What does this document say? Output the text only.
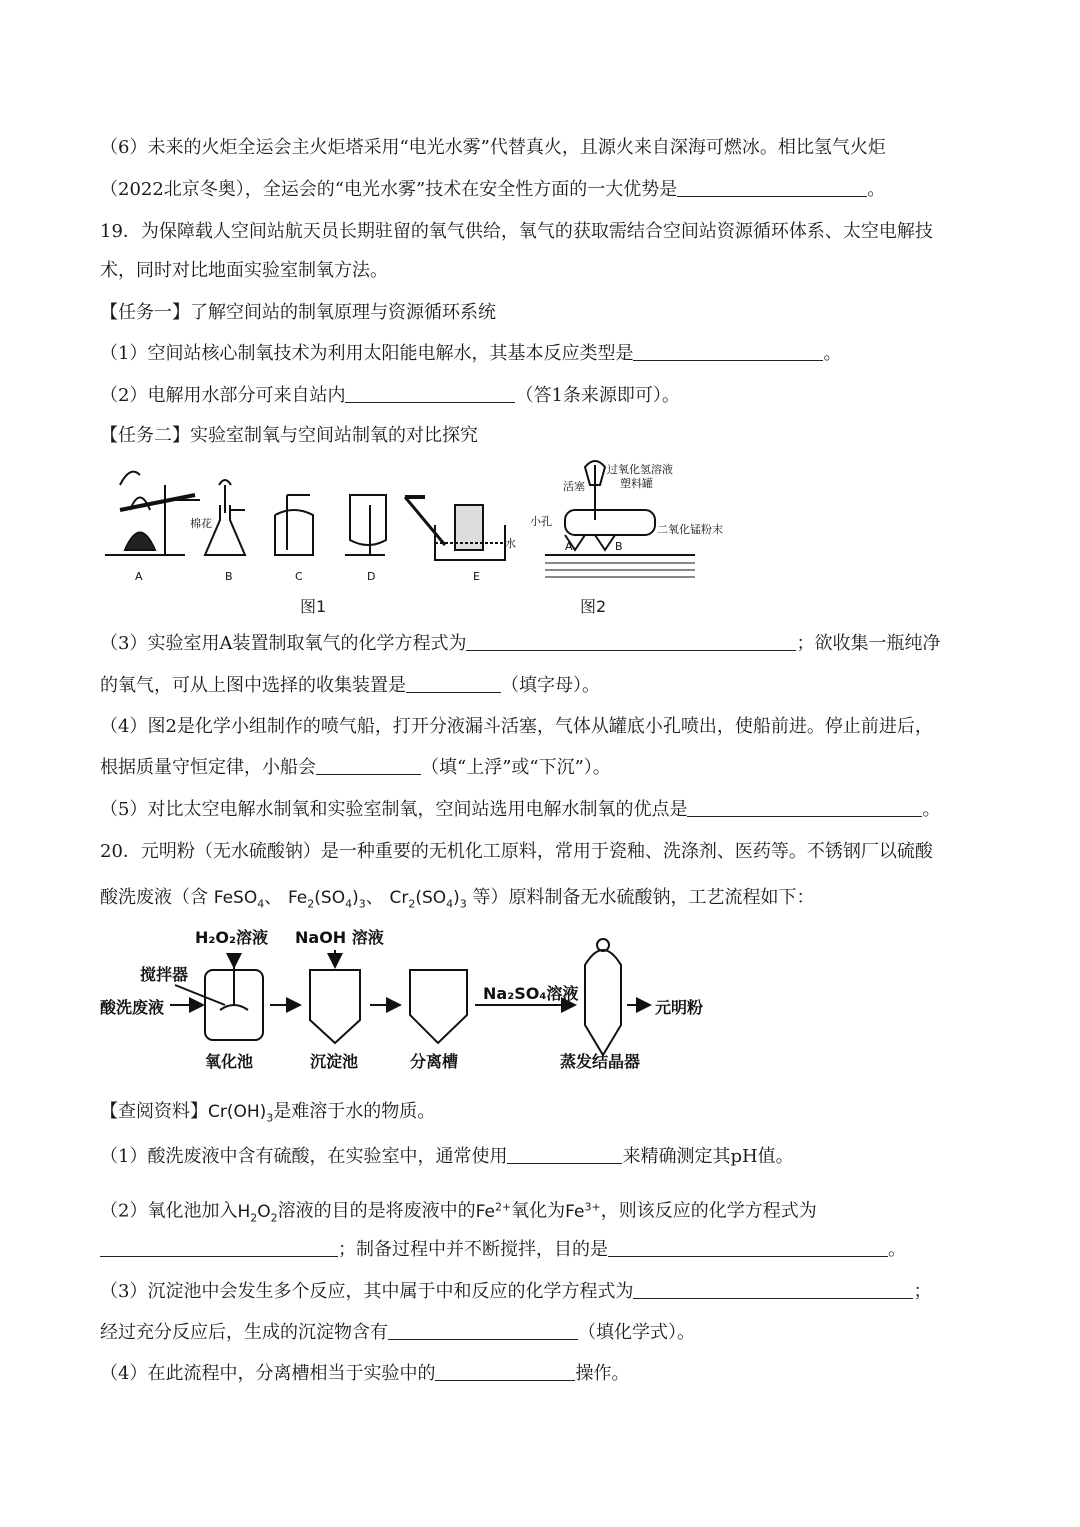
（6）未来的火炬全运会主火炬塔采用“电光水雾”代替真火，且源火来自深海可燃冰。相比氢气火炬
（2022北京冬奥），全运会的“电光水雾”技术在安全性方面的一大优势是	。
19．为保障载人空间站航天员长期驻留的氧气供给，氧气的获取需结合空间站资源循环体系、太空电解技
术，同时对比地面实验室制氧方法。
【任务一】了解空间站的制氧原理与资源循环系统
（1）空间站核心制氧技术为利用太阳能电解水，其基本反应类型是	。
（2）电解用水部分可来自站内	（答1条来源即可）。
【任务二】实验室制氧与空间站制氧的对比探究
棉花
水
A	B	C	D	E
活塞
过氧化氢溶液
塑料罐
小孔
二氧化锰粉末
A	B
图1	图2
（3）实验室用A装置制取氧气的化学方程式为	；欲收集一瓶纯净
的氧气，可从上图中选择的收集装置是	（填字母）。
（4）图2是化学小组制作的喷气船，打开分液漏斗活塞，气体从罐底小孔喷出，使船前进。停止前进后，
根据质量守恒定律，小船会	（填“上浮”或“下沉”）。
（5）对比太空电解水制氧和实验室制氧，空间站选用电解水制氧的优点是	。
20．元明粉（无水硫酸钠）是一种重要的无机化工原料，常用于瓷釉、洗涤剂、医药等。不锈钢厂以硫酸
酸洗废液（含 FeSO$_4$、 $Fe_2(SO_4)_3$、 $Cr_2(SO_4)_3$ 等）原料制备无水硫酸钠，工艺流程如下：
H₂O₂溶液 NaOH 溶液
搅拌器
酸洗废液
氧化池	沉淀池	分离槽
Na₂SO₄溶液
蒸发结晶器
元明粉
【查阅资料】$Cr(OH)_3$是难溶于水的物质。
（1）酸洗废液中含有硫酸，在实验室中，通常使用	来精确测定其pH值。
（2）氧化池加入$H_2O_2$溶液的目的是将废液中的$Fe^{2+}$氧化为$Fe^{3+}$，则该反应的化学方程式为
；制备过程中并不断搅拌，目的是	。
（3）沉淀池中会发生多个反应，其中属于中和反应的化学方程式为	；
经过充分反应后，生成的沉淀物含有	（填化学式）。
（4）在此流程中，分离槽相当于实验中的	操作。
